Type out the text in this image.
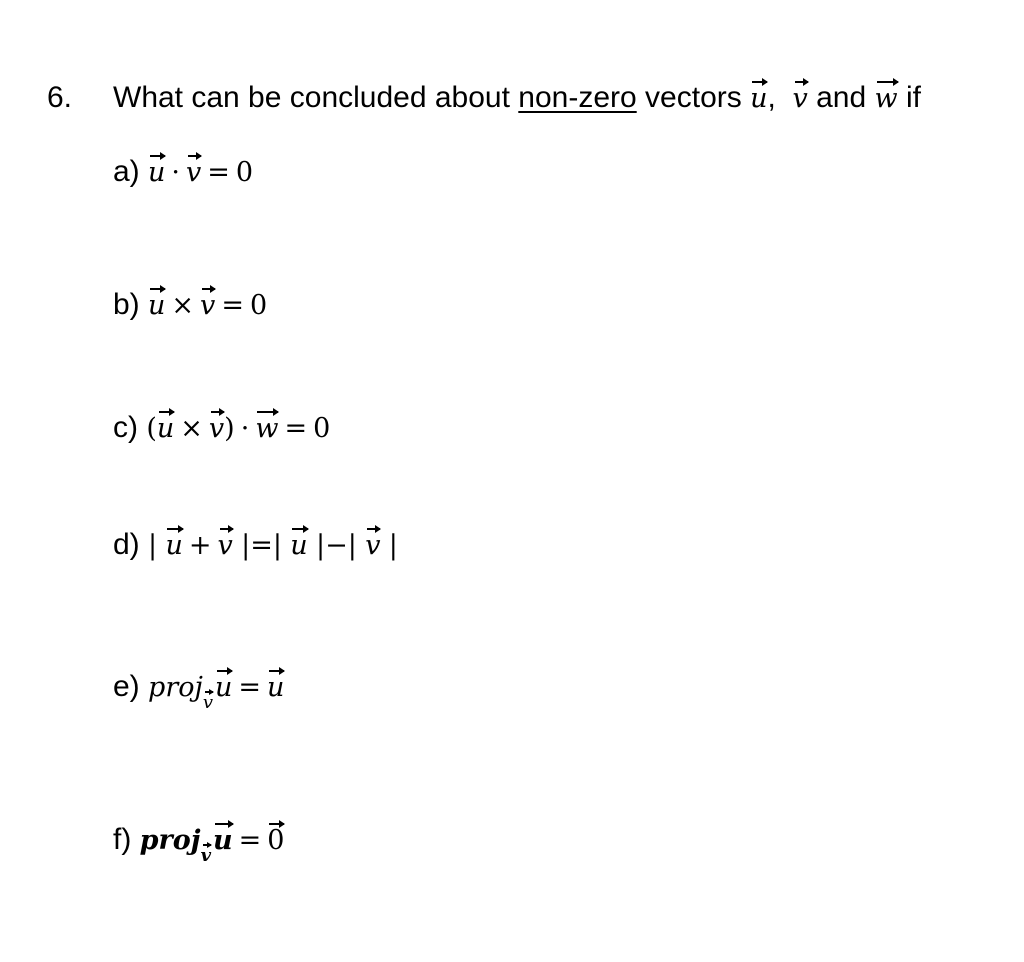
6. What can be concluded about non-zero vectors u, v and w if
a) u · v = 0
b) u × v = 0
c) (u × v) · w = 0
d) | u + v |=| u |−| v |
e) projvu = u
f) projvu = 0
